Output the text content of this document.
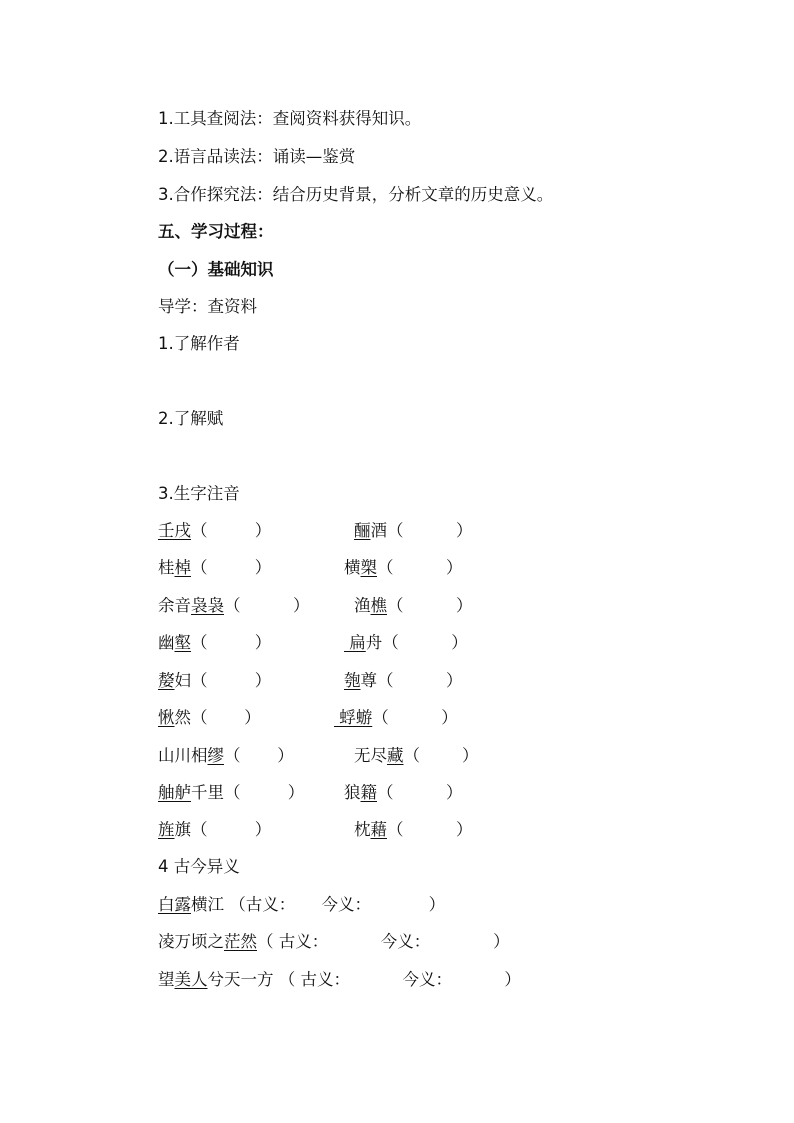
1.工具查阅法：查阅资料获得知识。
2.语言品读法：诵读—鉴赏
3.合作探究法：结合历史背景，分析文章的历史意义。
五、学习过程：
（一）基础知识
导学：查资料
1.了解作者
2.了解赋
3.生字注音
壬戌（         ）	酾酒（          ）
桂棹（         ）	横槊（          ）
余音袅袅（          ）	渔樵（          ）
幽壑（         ）	扁舟（          ）
嫠妇（         ）	匏尊（          ）
愀然（       ）	蜉蝣（          ）
山川相缪（       ）	无尽藏（        ）
舳舻千里（         ） 狼籍（          ）
旌旗（         ）	枕藉（          ）
4 古今异义
白露横江 （古义：     今义：           ）
凌万顷之茫然（ 古义：          今义：            ）
望美人兮天一方 （ 古义：          今义：          ）
